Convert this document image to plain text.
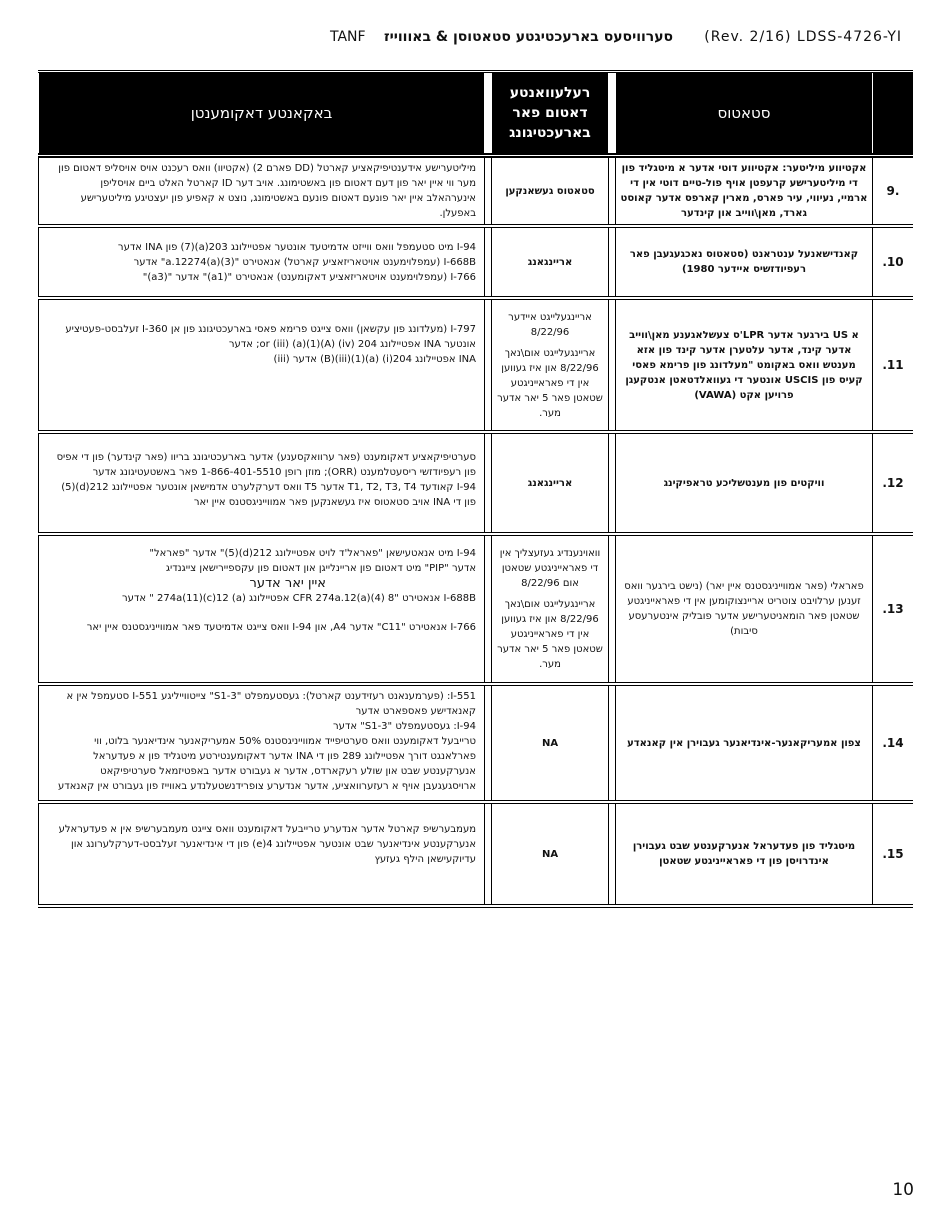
(Rev. 2/16) LDSS-4726-YI
סערוויסעס בארעכטיגטע סטאטוסן & באוווייז TANF
סטאטוס
רעלעוואנטע דאטום פאר בארעכטיגונג
באקאנטע דאקומענטן
9.
אקטיווע מיליטער: אקטיווע דוטי אדער א מיטגליד פון די מיליטערישע קרעפטן אויף פול-טיים דוטי אין די ארמיי, נעיווי, עיר פארס, מארין קארפס אדער קאוסט גארד, מאן\ווייב און קינדער
סטאטוס געשאנקען

מיליטערישע אידענטיפיקאציע קארטל (DD פארם 2) (אקטיוו) וואס רעכנט אויס אויסליפ דאטום פון

מער ווי איין יאר פון דעם דאטום פון באשטימונג. אויב דער ID קארטל האלט ביים אויסליפן

אינערהאלב איין יאר פונעם דאטום פונעם באשטימונג, נוצט א קאפיע פון יעצטיגע מיליטערישע

באפעלן.

.10
קאנדישאנעל ענטראנט (סטאטוס נאכגעגעבן פאר רעפיודזשיס איידער 1980)
אריינגאנג

I-94 מיט סטעמפל וואס ווייזט אדמיטעד אונטער אפטיילונג 203(a)(7) פון INA אדער

I-668B (עמפלוימענט אויטאריזאציע קארטל) אנאטירט "a.12274(a)(3)" אדער

I-766 (עמפלוימענט אויטאריזאציע דאקומענט) אנאטירט "(a1)" אדער "(a3)"

.11
א US בירגער אדער LPR'ס צעשלאגענע מאן\ווייב אדער קינד, אדער עלטערן אדער קינד פון אזא מענטש וואס באקומט "מעלדונג פון פרימא פאסי קעיס פון USCIS אונטער די געוואלדטאטן אנטקעגן פרויען אקט (VAWA)

אריינגעלייגט איידער 8/22/96

אריינגעלייגט אום\נאך 8/22/96 און איז געווען אין די פאראייניגטע שטאטן פאר 5 יאר אדער מער.

I-797 (מעלדונג פון עקשאן) וואס צייגט פרימא פאסי בארעכטיגונג פון אן I-360 זעלבסט-פעטיציע

אונטער INA אפטיילונג 204 (iv) or (iii) (a)(1)(A); אדער

INA אפטיילונג 204(i) (a)(1)(iii)(B) אדער (iii)

.12
וויקטים פון מענטשליכע טראפיקינג
אריינגאנג

סערטיפיקאציע דאקומענט (פאר ערוואקסענע) אדער בארעכטיגונג בריוו (פאר קינדער) פון די אפיס

פון רעפיודזשי ריסעטלמענט (ORR); מוזן רופן 1-866-401-5510 פאר באשטעטיגונג אדער

I-94 קאודעד T1, T2, T3, T4 אדער T5 וואס דערקלערט אדמישאן אונטער אפטיילונג 212(d)(5)

פון די INA אויב סטאטוס איז געשאנקען פאר אמווייניגסטנס איין יאר

.13
פאראלי (פאר אמווייניגסטנס איין יאר) (נישט בירגער וואס זענען ערלויבט צוטריט אריינצוקומען אין די פאראייניגטע שטאטן פאר הומאניטערישע אדער פובליק אינטערעסע סיבות)

וואוינענדיג געזעצליך אין די פאראייניגטע שטאטן אום 8/22/96

אריינגעלייגט אום\נאך 8/22/96 און איז געווען אין די פאראייניגטע שטאטן פאר 5 יאר אדער מער.

I-94 מיט אנאטעישאן "פאראל'ד לויט אפטיילונג 212(d)(5)" אדער "פאראל"

אדער "PIP" מיט דאטום פון אריינלייגן און דאטום פון עקספיירישאן צייגנדיג

איין יאר אדער

I-688B אנאטירט "8 CFR 274a.12(a)(4) אפטיילונג 274a(11)(c)12 (a) " אדער

I-766 אנאטירט "C11" אדער A4, און I-94 וואס צייגט אדמיטעד פאר אמווייניגסטנס איין יאר

.14
צפון אמעריקאנער-אינדיאנער געבוירן אין קאנאדע
NA

I-551: (פערמענאנט רעזידענט קארטל): געסטעמפלט "S1-3" צייטווייליגע I-551 סטעמפל אין א

קאנאדישע פאספארט אדער

I-94: געסטעמפלט "S1-3" אדער

טרייבעל דאקומענט וואס סערטיפייד אמווייניגסטנס 50% אמעריקאנער אינדיאנער בלוט, ווי

פארלאנגט דורך אפטיילונג 289 פון די INA אדער דאקומענטירטע מיטגליד פון א פעדעראל

אנערקענטע שבט און שולע רעקארדס, אדער א געבורט אדער באפטיזמאל סערטיפיקאט

ארויסגעגעבן אויף א רעזערוואציע, אדער אנדערע צופרידנשטעלנדע באווייז פון געבורט אין קאנאדע

.15
מיטגליד פון פעדעראל אנערקענטע שבט געבוירן אינדרויסן פון די פאראייניגטע שטאטן
NA

מעמבערשיפ קארטל אדער אנדערע טרייבעל דאקומענט וואס צייגט מעמבערשיפ אין א פעדעראלע

אנערקענטע אינדיאנער שבט אונטער אפטיילונג 4(e) פון די אינדיאנער זעלבסט-דערקלערונג און

עדיוקעישאן הילף געזעץ

10
